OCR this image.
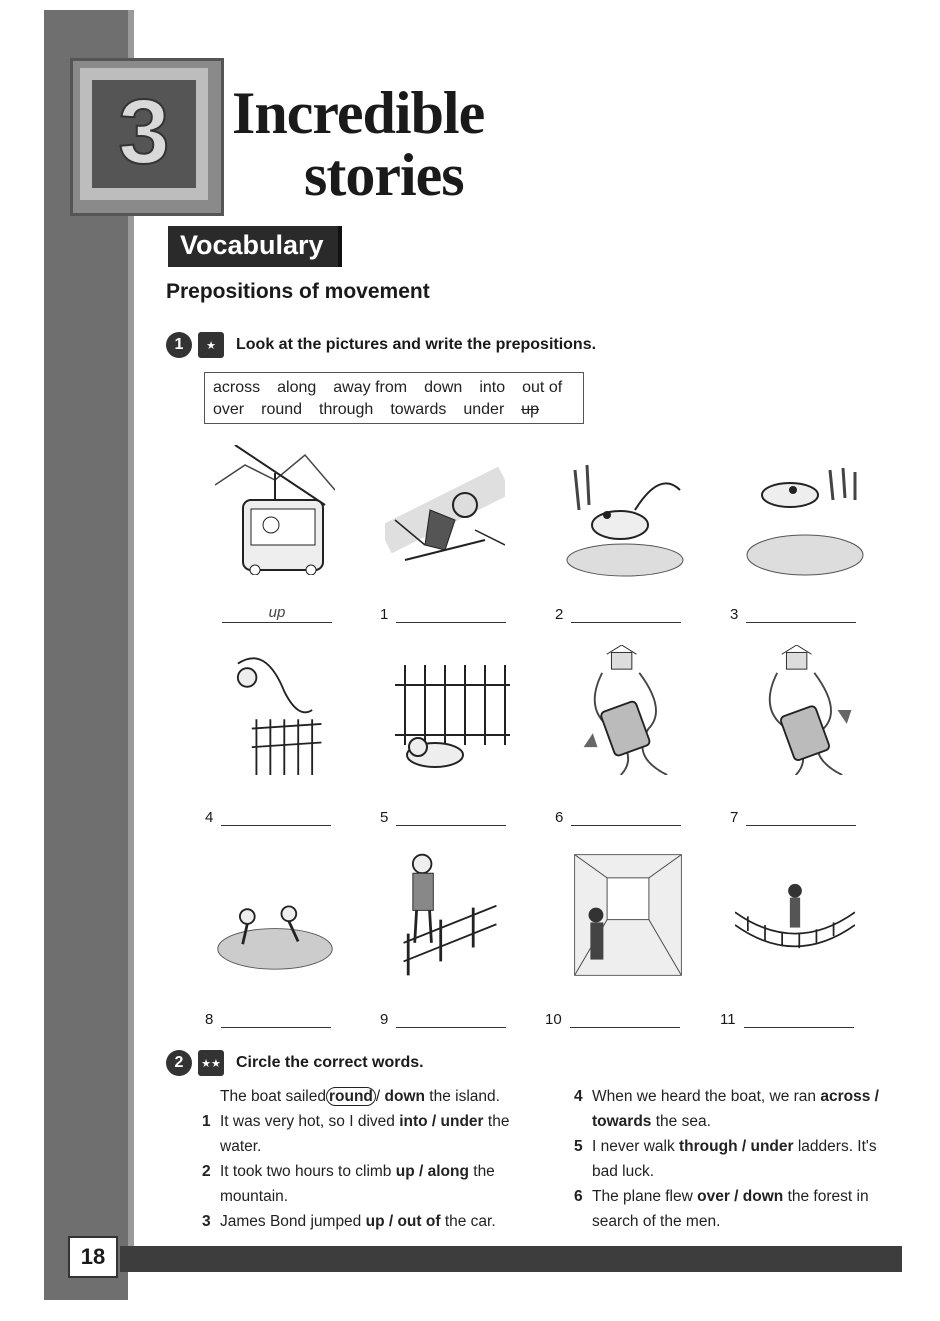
3	Incredible
stories
Vocabulary
Prepositions of movement
1	★	Look at the pictures and write the prepositions.
across along away from down into out of
over round through towards under up
up	1	2	3
4	5	6	7
8	9	10	11
2	★★ Circle the correct words.
The boat sailed round / down the island.
1 It was very hot, so I dived into / under the water.
2 It took two hours to climb up / along the mountain.
3 James Bond jumped up / out of the car.
4 When we heard the boat, we ran across / towards the sea.
5 I never walk through / under ladders. It's bad luck.
6 The plane flew over / down the forest in search of the men.
18
